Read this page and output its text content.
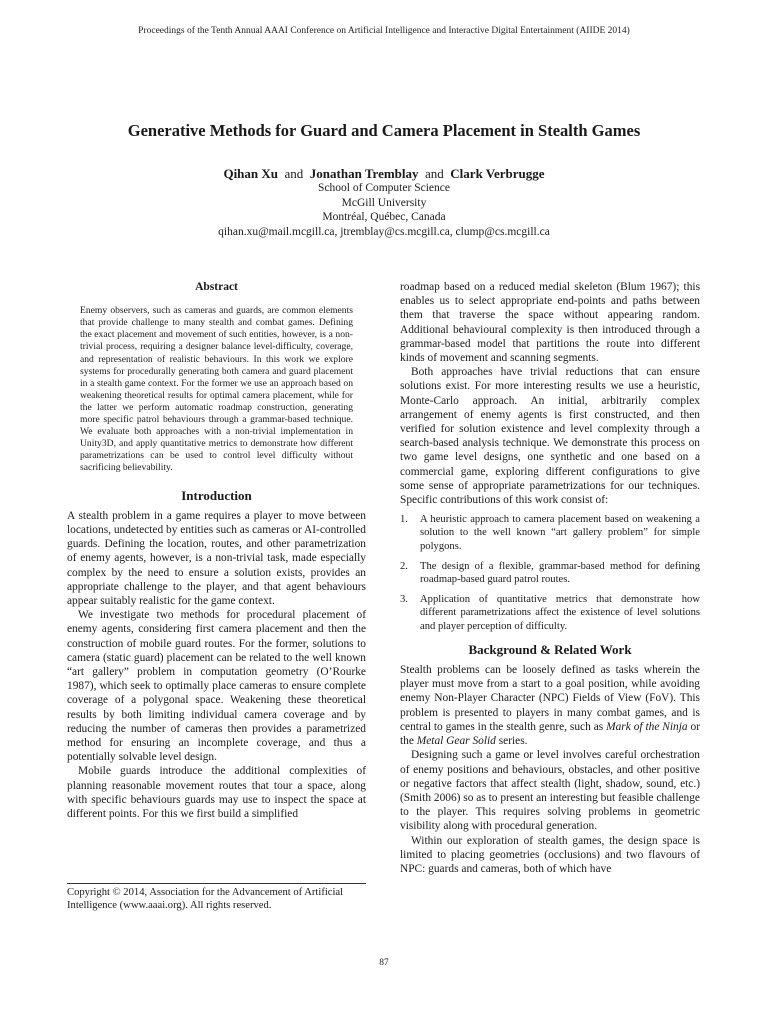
Proceedings of the Tenth Annual AAAI Conference on Artificial Intelligence and Interactive Digital Entertainment (AIIDE 2014)
Generative Methods for Guard and Camera Placement in Stealth Games
Qihan Xu and Jonathan Tremblay and Clark Verbrugge
School of Computer Science
McGill University
Montréal, Québec, Canada
qihan.xu@mail.mcgill.ca, jtremblay@cs.mcgill.ca, clump@cs.mcgill.ca
Abstract

Enemy observers, such as cameras and guards, are common elements that provide challenge to many stealth and combat games. Defining the exact placement and movement of such entities, however, is a non-trivial process, requiring a designer balance level-difficulty, coverage, and representation of realistic behaviours. In this work we explore systems for procedurally generating both camera and guard placement in a stealth game context. For the former we use an approach based on weakening theoretical results for optimal camera placement, while for the latter we perform automatic roadmap construction, generating more specific patrol behaviours through a grammar-based technique. We evaluate both approaches with a non-trivial implementation in Unity3D, and apply quantitative metrics to demonstrate how different parametrizations can be used to control level difficulty without sacrificing believability.

Introduction

A stealth problem in a game requires a player to move between locations, undetected by entities such as cameras or AI-controlled guards. Defining the location, routes, and other parametrization of enemy agents, however, is a non-trivial task, made especially complex by the need to ensure a solution exists, provides an appropriate challenge to the player, and that agent behaviours appear suitably realistic for the game context.

We investigate two methods for procedural placement of enemy agents, considering first camera placement and then the construction of mobile guard routes. For the former, solutions to camera (static guard) placement can be related to the well known “art gallery” problem in computation geometry (O’Rourke 1987), which seek to optimally place cameras to ensure complete coverage of a polygonal space. Weakening these theoretical results by both limiting individual camera coverage and by reducing the number of cameras then provides a parametrized method for ensuring an incomplete coverage, and thus a potentially solvable level design.

Mobile guards introduce the additional complexities of planning reasonable movement routes that tour a space, along with specific behaviours guards may use to inspect the space at different points. For this we first build a simplified

Copyright © 2014, Association for the Advancement of Artificial Intelligence (www.aaai.org). All rights reserved.

roadmap based on a reduced medial skeleton (Blum 1967); this enables us to select appropriate end-points and paths between them that traverse the space without appearing random. Additional behavioural complexity is then introduced through a grammar-based model that partitions the route into different kinds of movement and scanning segments.

Both approaches have trivial reductions that can ensure solutions exist. For more interesting results we use a heuristic, Monte-Carlo approach. An initial, arbitrarily complex arrangement of enemy agents is first constructed, and then verified for solution existence and level complexity through a search-based analysis technique. We demonstrate this process on two game level designs, one synthetic and one based on a commercial game, exploring different configurations to give some sense of appropriate parametrizations for our techniques. Specific contributions of this work consist of:

1. A heuristic approach to camera placement based on weakening a solution to the well known “art gallery problem” for simple polygons.
2. The design of a flexible, grammar-based method for defining roadmap-based guard patrol routes.
3. Application of quantitative metrics that demonstrate how different parametrizations affect the existence of level solutions and player perception of difficulty.
Background & Related Work

Stealth problems can be loosely defined as tasks wherein the player must move from a start to a goal position, while avoiding enemy Non-Player Character (NPC) Fields of View (FoV). This problem is presented to players in many combat games, and is central to games in the stealth genre, such as Mark of the Ninja or the Metal Gear Solid series.

Designing such a game or level involves careful orchestration of enemy positions and behaviours, obstacles, and other positive or negative factors that affect stealth (light, shadow, sound, etc.) (Smith 2006) so as to present an interesting but feasible challenge to the player. This requires solving problems in geometric visibility along with procedural generation.

Within our exploration of stealth games, the design space is limited to placing geometries (occlusions) and two flavours of NPC: guards and cameras, both of which have

87
